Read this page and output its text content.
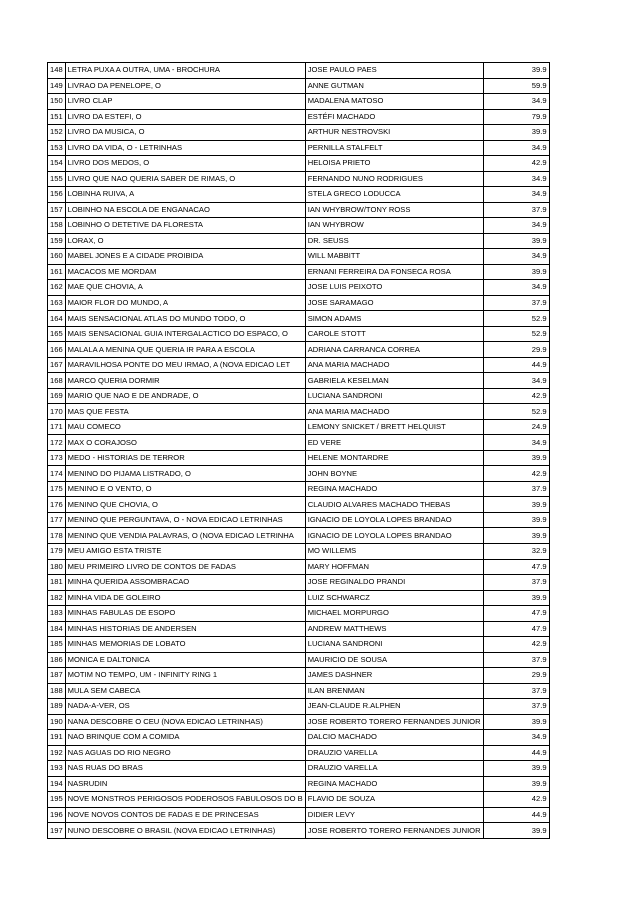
148	LETRA PUXA A OUTRA, UMA - BROCHURA	JOSE PAULO PAES	39.9
149	LIVRAO DA PENELOPE, O	ANNE GUTMAN	59.9
150	LIVRO CLAP	MADALENA MATOSO	34.9
151	LIVRO DA ESTEFI, O	ESTÉFI MACHADO	79.9
152	LIVRO DA MUSICA, O	ARTHUR NESTROVSKI	39.9
153	LIVRO DA VIDA, O - LETRINHAS	PERNILLA STALFELT	34.9
154	LIVRO DOS MEDOS, O	HELOISA PRIETO	42.9
155	LIVRO QUE NAO QUERIA SABER DE RIMAS, O	FERNANDO NUNO RODRIGUES	34.9
156	LOBINHA RUIVA, A	STELA GRECO LODUCCA	34.9
157	LOBINHO NA ESCOLA DE ENGANACAO	IAN WHYBROW/TONY ROSS	37.9
158	LOBINHO O DETETIVE DA FLORESTA	IAN WHYBROW	34.9
159	LORAX, O	DR. SEUSS	39.9
160	MABEL JONES E A CIDADE PROIBIDA	WILL MABBITT	34.9
161	MACACOS ME MORDAM	ERNANI FERREIRA DA FONSECA ROSA	39.9
162	MAE QUE CHOVIA, A	JOSE LUIS PEIXOTO	34.9
163	MAIOR FLOR DO MUNDO, A	JOSE SARAMAGO	37.9
164	MAIS SENSACIONAL ATLAS DO MUNDO TODO, O	SIMON ADAMS	52.9
165	MAIS SENSACIONAL GUIA INTERGALACTICO DO ESPACO, O	CAROLE STOTT	52.9
166	MALALA A MENINA QUE QUERIA IR PARA A ESCOLA	ADRIANA CARRANCA CORREA	29.9
167	MARAVILHOSA PONTE DO MEU IRMAO, A (NOVA EDICAO LET	ANA MARIA MACHADO	44.9
168	MARCO QUERIA DORMIR	GABRIELA KESELMAN	34.9
169	MARIO QUE NAO E DE ANDRADE, O	LUCIANA SANDRONI	42.9
170	MAS QUE FESTA	ANA MARIA MACHADO	52.9
171	MAU COMECO	LEMONY SNICKET / BRETT HELQUIST	24.9
172	MAX O CORAJOSO	ED VERE	34.9
173	MEDO - HISTORIAS DE TERROR	HELENE MONTARDRE	39.9
174	MENINO DO PIJAMA LISTRADO, O	JOHN BOYNE	42.9
175	MENINO E O VENTO, O	REGINA MACHADO	37.9
176	MENINO QUE CHOVIA, O	CLAUDIO ALVARES MACHADO THEBAS	39.9
177	MENINO QUE PERGUNTAVA, O - NOVA EDICAO LETRINHAS	IGNACIO DE LOYOLA LOPES BRANDAO	39.9
178	MENINO QUE VENDIA PALAVRAS, O (NOVA EDICAO LETRINHA	IGNACIO DE LOYOLA LOPES BRANDAO	39.9
179	MEU AMIGO ESTA TRISTE	MO WILLEMS	32.9
180	MEU PRIMEIRO LIVRO DE CONTOS DE FADAS	MARY HOFFMAN	47.9
181	MINHA QUERIDA ASSOMBRACAO	JOSE REGINALDO PRANDI	37.9
182	MINHA VIDA DE GOLEIRO	LUIZ SCHWARCZ	39.9
183	MINHAS FABULAS DE ESOPO	MICHAEL MORPURGO	47.9
184	MINHAS HISTORIAS DE ANDERSEN	ANDREW MATTHEWS	47.9
185	MINHAS MEMORIAS DE LOBATO	LUCIANA SANDRONI	42.9
186	MONICA E DALTONICA	MAURICIO DE SOUSA	37.9
187	MOTIM NO TEMPO, UM - INFINITY RING 1	JAMES DASHNER	29.9
188	MULA SEM CABECA	ILAN BRENMAN	37.9
189	NADA-A-VER, OS	JEAN-CLAUDE R.ALPHEN	37.9
190	NANA DESCOBRE O CEU (NOVA EDICAO LETRINHAS)	JOSE ROBERTO TORERO FERNANDES JUNIOR	39.9
191	NAO BRINQUE COM A COMIDA	DALCIO MACHADO	34.9
192	NAS AGUAS DO RIO NEGRO	DRAUZIO VARELLA	44.9
193	NAS RUAS DO BRAS	DRAUZIO VARELLA	39.9
194	NASRUDIN	REGINA MACHADO	39.9
195	NOVE MONSTROS PERIGOSOS PODEROSOS FABULOSOS DO B	FLAVIO DE SOUZA	42.9
196	NOVE NOVOS CONTOS DE FADAS E DE PRINCESAS	DIDIER LEVY	44.9
197	NUNO DESCOBRE O BRASIL (NOVA EDICAO LETRINHAS)	JOSE ROBERTO TORERO FERNANDES JUNIOR	39.9
